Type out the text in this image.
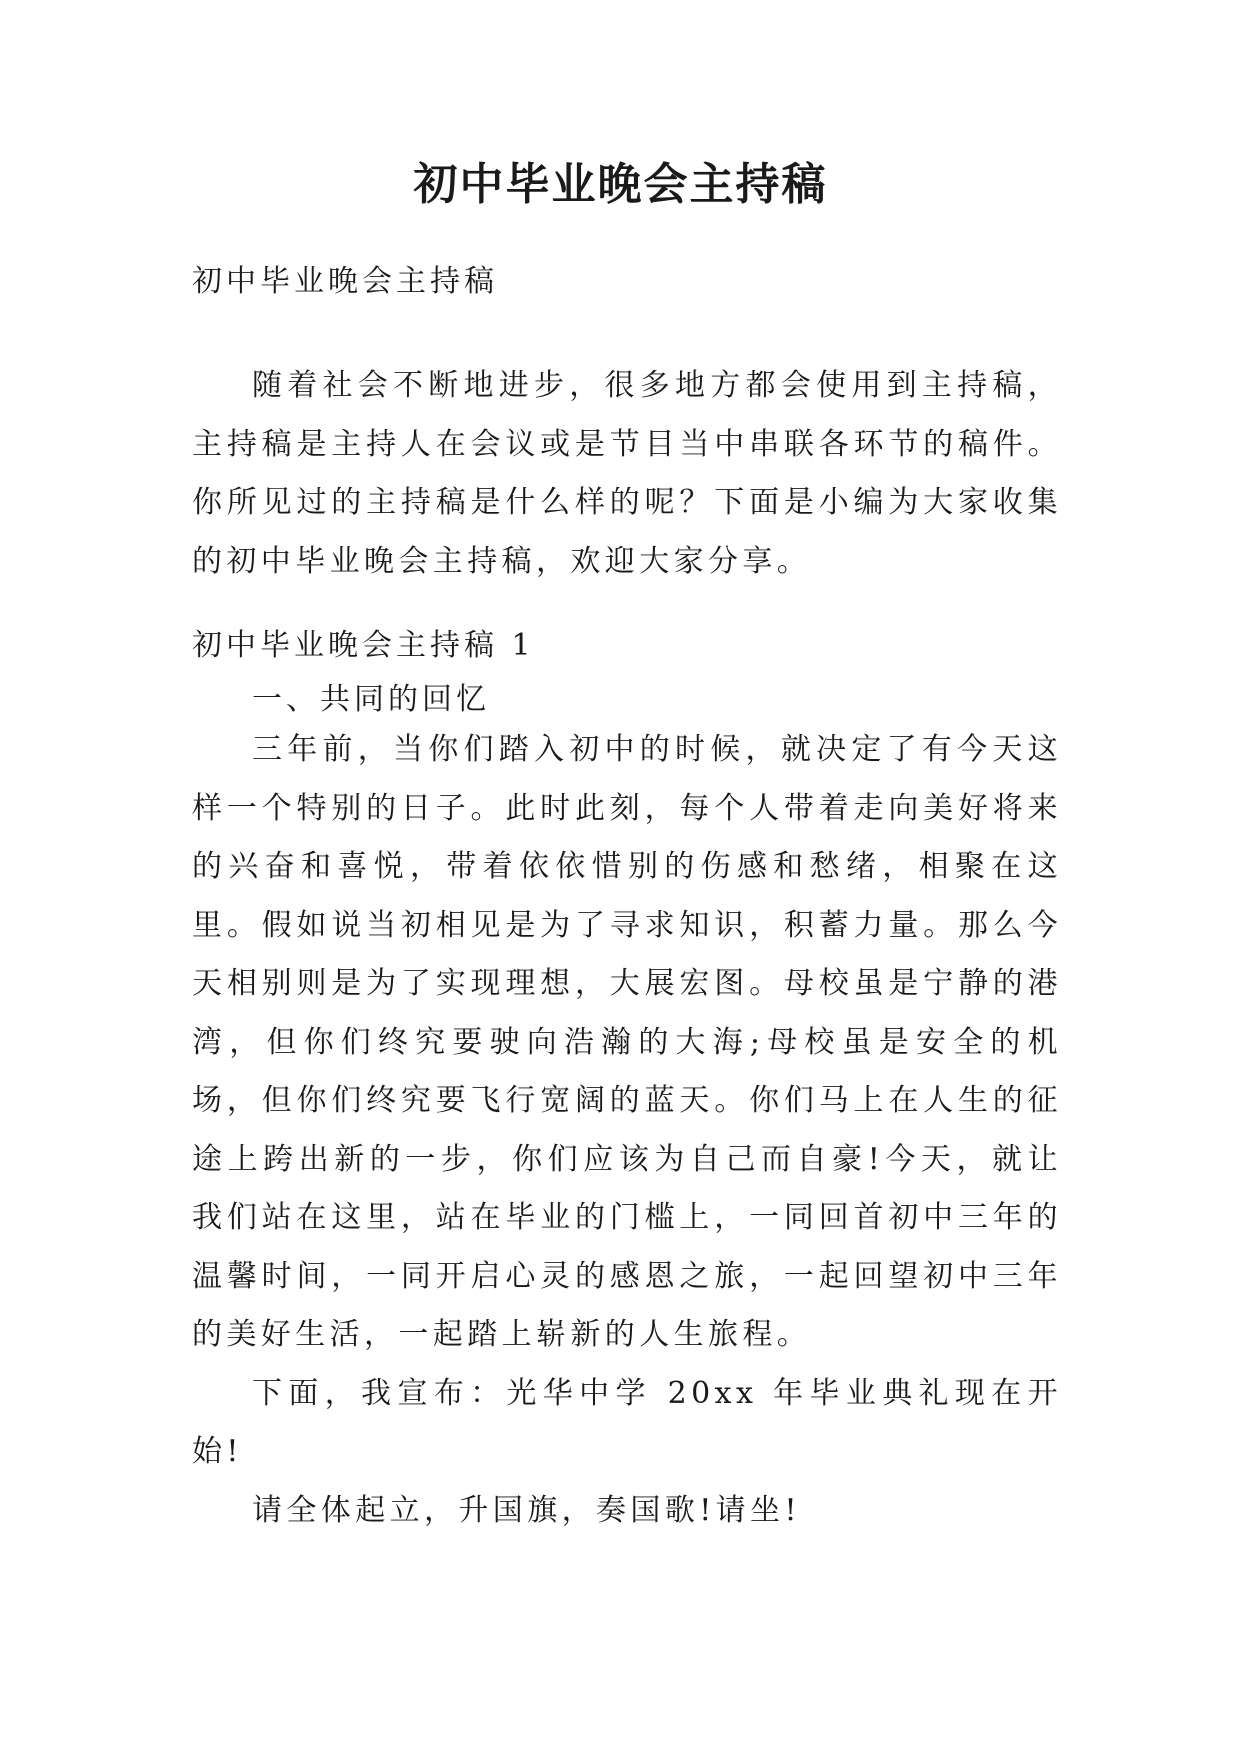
初中毕业晚会主持稿
初中毕业晚会主持稿

随着社会不断地进步，很多地方都会使用到主持稿，主持稿是主持人在会议或是节目当中串联各环节的稿件。你所见过的主持稿是什么样的呢？下面是小编为大家收集的初中毕业晚会主持稿，欢迎大家分享。

初中毕业晚会主持稿 1
一、共同的回忆

三年前，当你们踏入初中的时候，就决定了有今天这样一个特别的日子。此时此刻，每个人带着走向美好将来的兴奋和喜悦，带着依依惜别的伤感和愁绪，相聚在这里。假如说当初相见是为了寻求知识，积蓄力量。那么今天相别则是为了实现理想，大展宏图。母校虽是宁静的港湾，但你们终究要驶向浩瀚的大海;母校虽是安全的机场，但你们终究要飞行宽阔的蓝天。你们马上在人生的征途上跨出新的一步，你们应该为自己而自豪!今天，就让我们站在这里，站在毕业的门槛上，一同回首初中三年的温馨时间，一同开启心灵的感恩之旅，一起回望初中三年的美好生活，一起踏上崭新的人生旅程。

下面，我宣布：光华中学 20xx 年毕业典礼现在开始!

请全体起立，升国旗，奏国歌!请坐!
